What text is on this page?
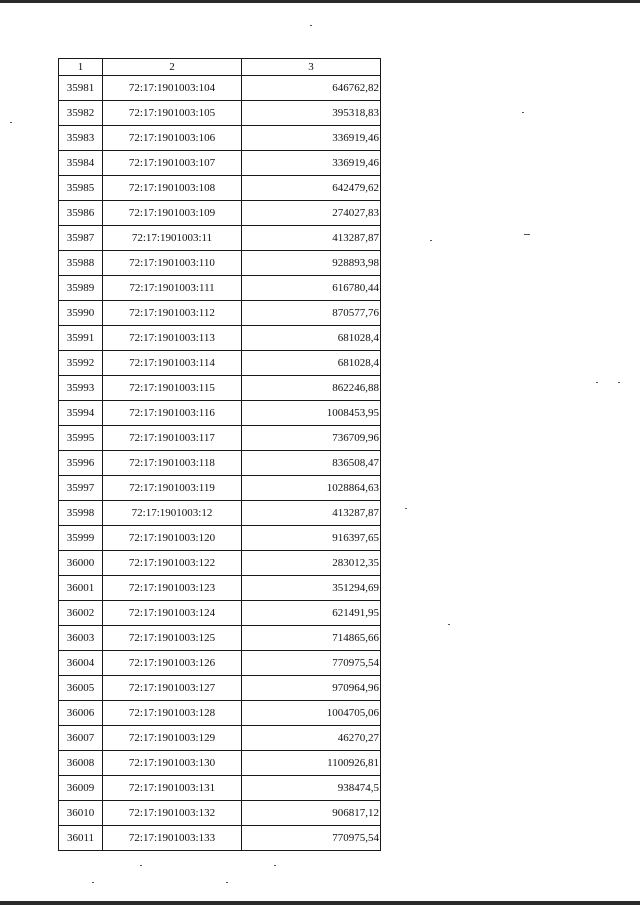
1	2	3
35981	72:17:1901003:104	646762,82
35982	72:17:1901003:105	395318,83
35983	72:17:1901003:106	336919,46
35984	72:17:1901003:107	336919,46
35985	72:17:1901003:108	642479,62
35986	72:17:1901003:109	274027,83
35987	72:17:1901003:11	413287,87
35988	72:17:1901003:110	928893,98
35989	72:17:1901003:111	616780,44
35990	72:17:1901003:112	870577,76
35991	72:17:1901003:113	681028,4
35992	72:17:1901003:114	681028,4
35993	72:17:1901003:115	862246,88
35994	72:17:1901003:116	1008453,95
35995	72:17:1901003:117	736709,96
35996	72:17:1901003:118	836508,47
35997	72:17:1901003:119	1028864,63
35998	72:17:1901003:12	413287,87
35999	72:17:1901003:120	916397,65
36000	72:17:1901003:122	283012,35
36001	72:17:1901003:123	351294,69
36002	72:17:1901003:124	621491,95
36003	72:17:1901003:125	714865,66
36004	72:17:1901003:126	770975,54
36005	72:17:1901003:127	970964,96
36006	72:17:1901003:128	1004705,06
36007	72:17:1901003:129	46270,27
36008	72:17:1901003:130	1100926,81
36009	72:17:1901003:131	938474,5
36010	72:17:1901003:132	906817,12
36011	72:17:1901003:133	770975,54
